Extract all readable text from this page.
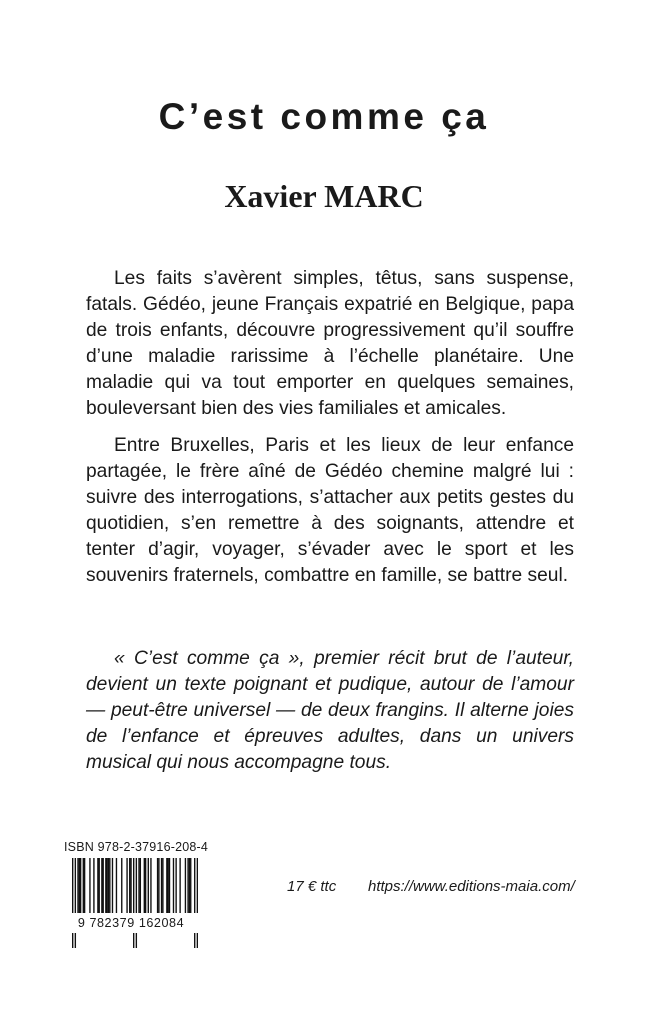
C’est comme ça
Xavier MARC

Les faits s’avèrent simples, têtus, sans suspense, fatals. Gédéo, jeune Français expatrié en Belgique, papa de trois enfants, découvre progressivement qu’il souffre d’une maladie rarissime à l’échelle planétaire. Une maladie qui va tout emporter en quelques semaines, bouleversant bien des vies familiales et amicales.

Entre Bruxelles, Paris et les lieux de leur enfance partagée, le frère aîné de Gédéo chemine malgré lui : suivre des interrogations, s’attacher aux petits gestes du quotidien, s’en remettre à des soignants, attendre et tenter d’agir, voyager, s’évader avec le sport et les souvenirs fraternels, combattre en famille, se battre seul.

« C’est comme ça », premier récit brut de l’auteur, devient un texte poignant et pudique, autour de l’amour — peut-être universel — de deux frangins. Il alterne joies de l’enfance et épreuves adultes, dans un univers musical qui nous accompagne tous.

ISBN 978-2-37916-208-4
9 782379 162084
17 € ttc https://www.editions-maia.com/
